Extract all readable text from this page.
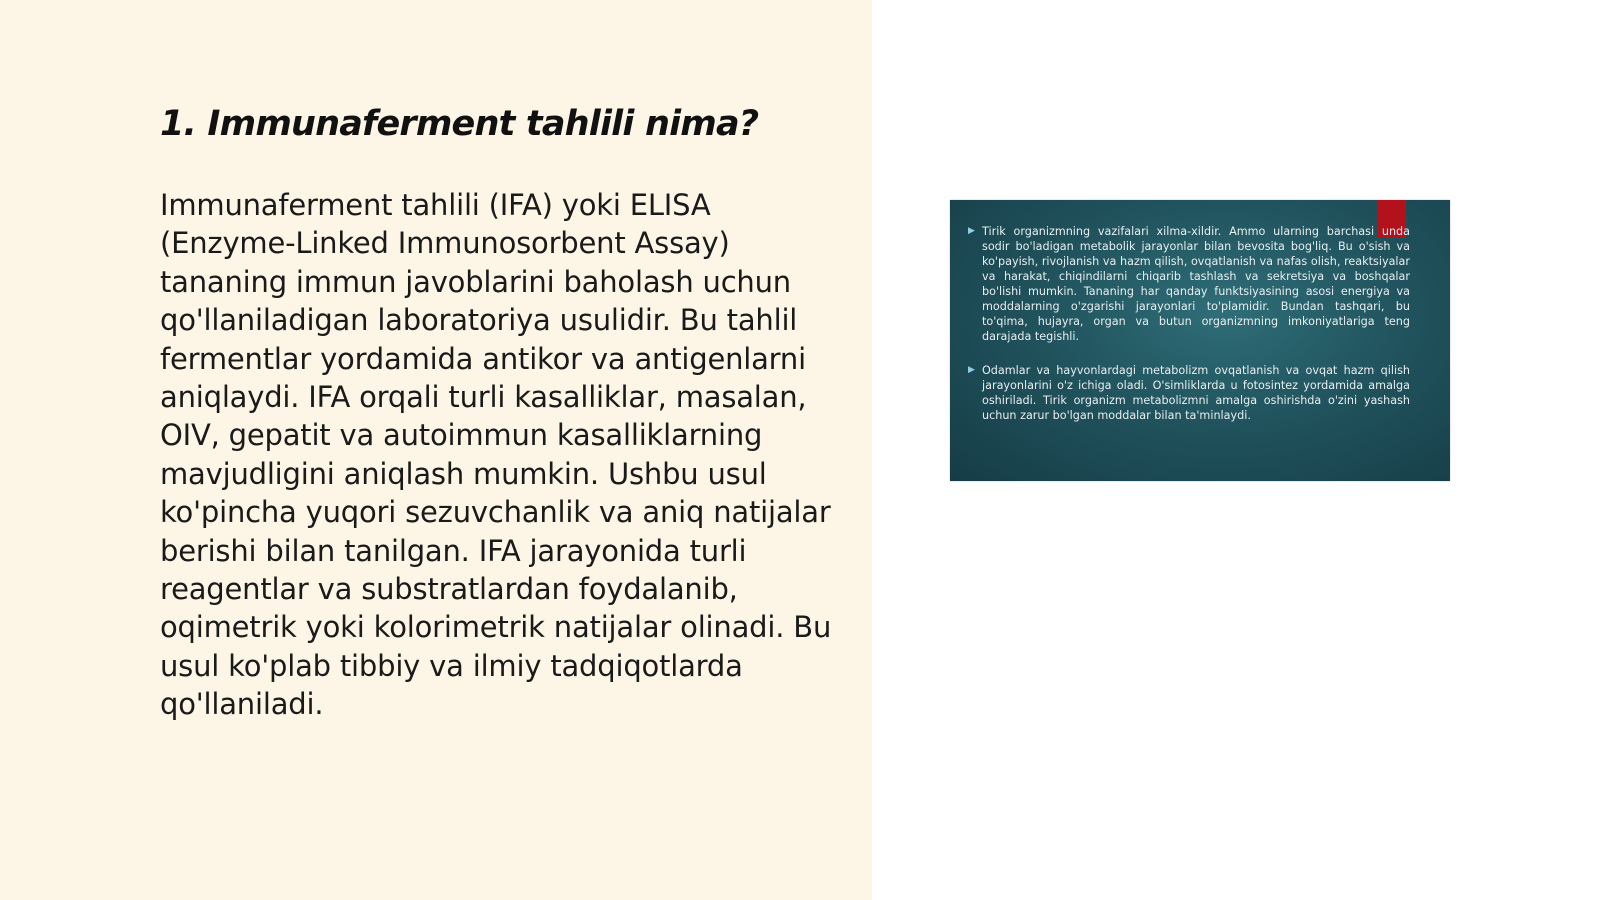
1. Immunaferment tahlili nima?

Immunaferment tahlili (IFA) yoki ELISA (Enzyme-Linked Immunosorbent Assay) tananing immun javoblarini baholash uchun qo'llaniladigan laboratoriya usulidir. Bu tahlil fermentlar yordamida antikor va antigenlarni aniqlaydi. IFA orqali turli kasalliklar, masalan, OIV, gepatit va autoimmun kasalliklarning mavjudligini aniqlash mumkin. Ushbu usul ko'pincha yuqori sezuvchanlik va aniq natijalar berishi bilan tanilgan. IFA jarayonida turli reagentlar va substratlardan foydalanib, oqimetrik yoki kolorimetrik natijalar olinadi. Bu usul ko'plab tibbiy va ilmiy tadqiqotlarda qo'llaniladi.

▶ Tirik organizmning vazifalari xilma-xildir. Ammo ularning barchasi unda sodir bo'ladigan metabolik jarayonlar bilan bevosita bog'liq. Bu o'sish va ko'payish, rivojlanish va hazm qilish, ovqatlanish va nafas olish, reaktsiyalar va harakat, chiqindilarni chiqarib tashlash va sekretsiya va boshqalar bo'lishi mumkin. Tananing har qanday funktsiyasining asosi energiya va moddalarning o'zgarishi jarayonlari to'plamidir. Bundan tashqari, bu to'qima, hujayra, organ va butun organizmning imkoniyatlariga teng darajada tegishli.
▶ Odamlar va hayvonlardagi metabolizm ovqatlanish va ovqat hazm qilish jarayonlarini o'z ichiga oladi. O'simliklarda u fotosintez yordamida amalga oshiriladi. Tirik organizm metabolizmni amalga oshirishda o'zini yashash uchun zarur bo'lgan moddalar bilan ta'minlaydi.
